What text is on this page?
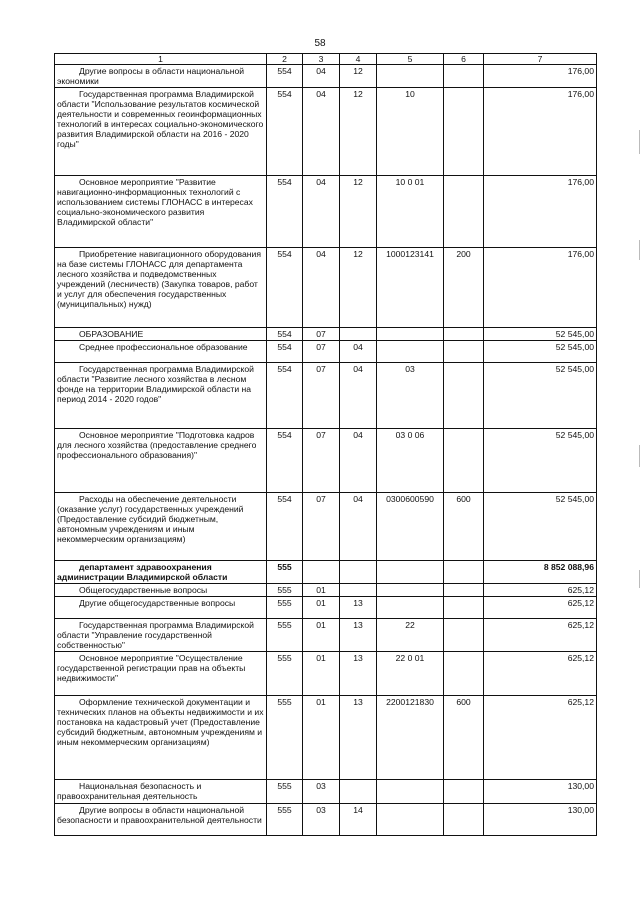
58
1	2	3	4	5	6	7

Другие вопросы в области национальной экономики	554	04	12			176,00

Государственная программа Владимирской области "Использование результатов космической деятельности и современных геоинформационных технологий в интересах социально-экономического развития Владимирской области на 2016 - 2020 годы"	554	04	12	10		176,00

Основное мероприятие "Развитие навигационно-информационных технологий с использованием системы ГЛОНАСС в интересах социально-экономического развития Владимирской области"	554	04	12	10 0 01		176,00

Приобретение навигационного оборудования на базе системы ГЛОНАСС для департамента лесного хозяйства и подведомственных учреждений (лесничеств) (Закупка товаров, работ и услуг для обеспечения государственных (муниципальных) нужд)	554	04	12	1000123141	200	176,00

ОБРАЗОВАНИЕ	554	07				52 545,00

Среднее профессиональное образование	554	07	04			52 545,00

Государственная программа Владимирской области "Развитие лесного хозяйства в лесном фонде на территории Владимирской области на период 2014 - 2020 годов"	554	07	04	03		52 545,00

Основное мероприятие "Подготовка кадров для лесного хозяйства (предоставление среднего профессионального образования)"	554	07	04	03 0 06		52 545,00

Расходы на обеспечение деятельности (оказание услуг) государственных учреждений (Предоставление субсидий бюджетным, автономным учреждениям и иным некоммерческим организациям)	554	07	04	0300600590	600	52 545,00

департамент здравоохранения администрации Владимирской области	555					8 852 088,96

Общегосударственные вопросы	555	01				625,12

Другие общегосударственные вопросы	555	01	13			625,12

Государственная программа Владимирской области "Управление государственной собственностью"	555	01	13	22		625,12

Основное мероприятие "Осуществление государственной регистрации прав на объекты недвижимости"	555	01	13	22 0 01		625,12

Оформление технической документации и технических планов на объекты недвижимости и их постановка на кадастровый учет (Предоставление субсидий бюджетным, автономным учреждениям и иным некоммерческим организациям)	555	01	13	2200121830	600	625,12

Национальная безопасность и правоохранительная деятельность	555	03				130,00

Другие вопросы в области национальной безопасности и правоохранительной деятельности	555	03	14			130,00
